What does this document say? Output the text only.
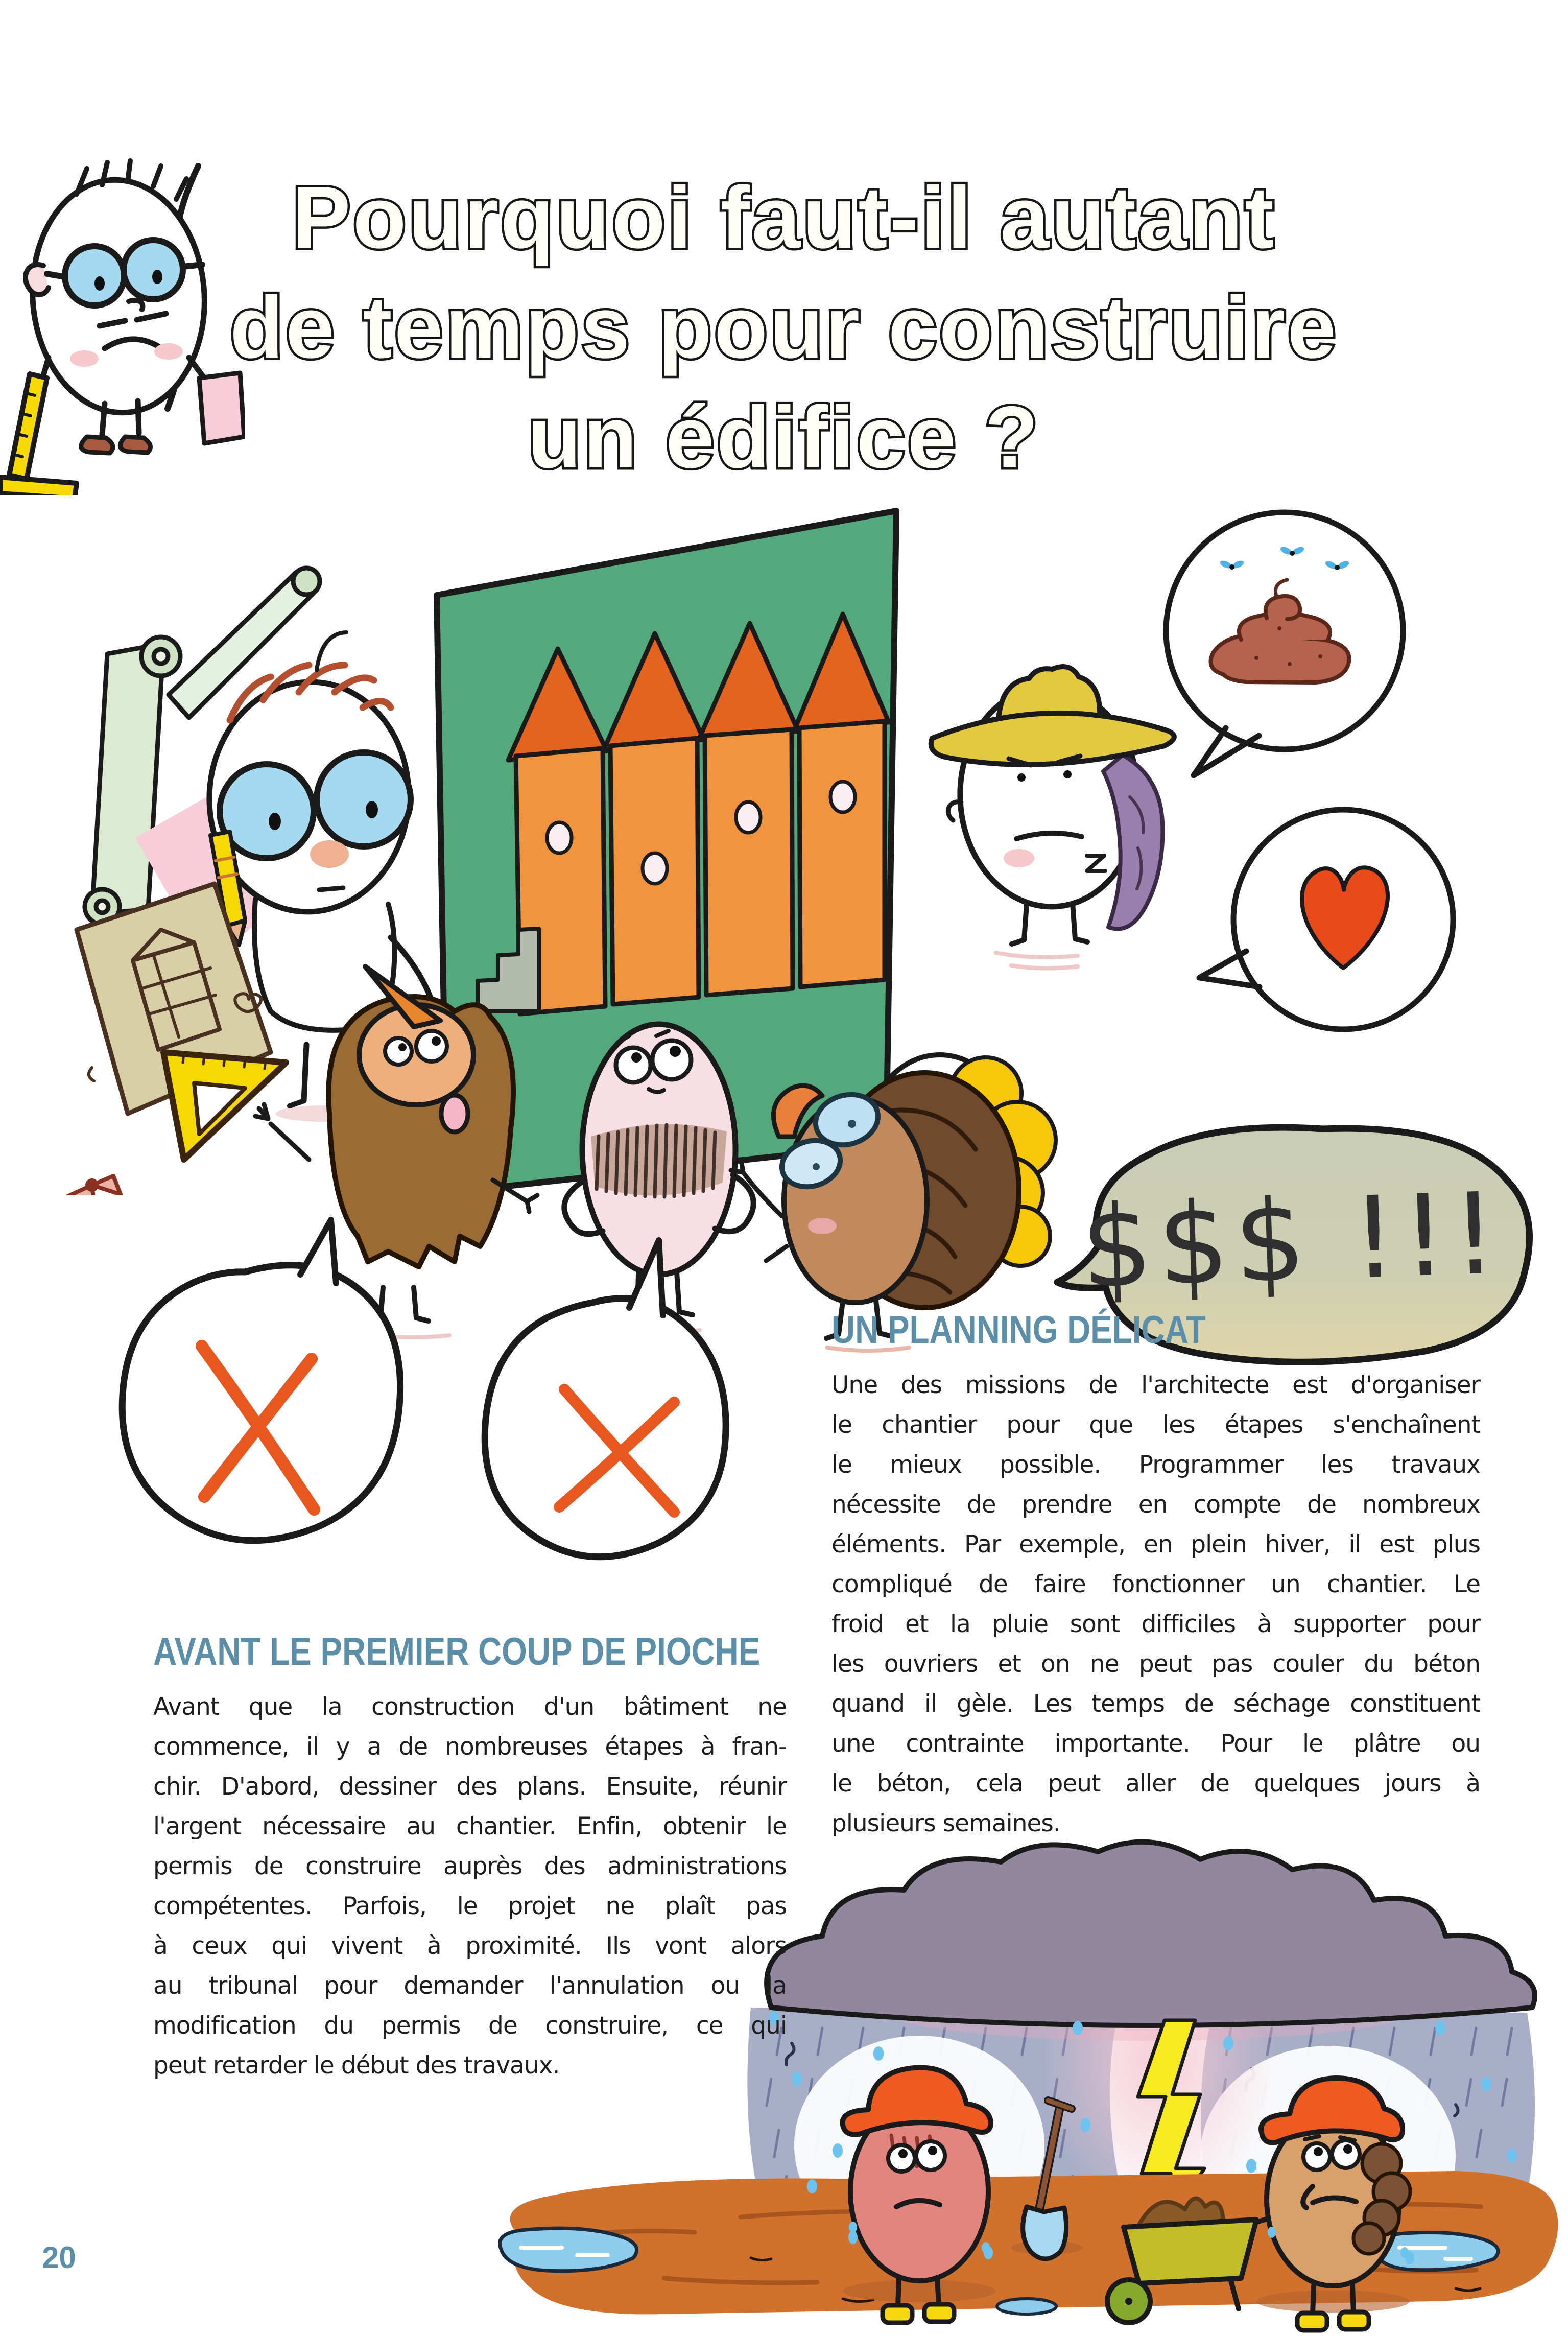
$$$ !!!
Pourquoi faut-il autant
de temps pour construire
un édifice ?
AVANT LE PREMIER COUP DE PIOCHE
Avant que la construction d'un bâtiment ne
commence, il y a de nombreuses étapes à fran-
chir. D'abord, dessiner des plans. Ensuite, réunir
l'argent nécessaire au chantier. Enfin, obtenir le
permis de construire auprès des administrations
compétentes. Parfois, le projet ne plaît pas
à ceux qui vivent à proximité. Ils vont alors
au tribunal pour demander l'annulation ou la
modification du permis de construire, ce qui
peut retarder le début des travaux.
UN PLANNING DÉLICAT
Une des missions de l'architecte est d'organiser
le chantier pour que les étapes s'enchaînent
le mieux possible. Programmer les travaux
nécessite de prendre en compte de nombreux
éléments. Par exemple, en plein hiver, il est plus
compliqué de faire fonctionner un chantier. Le
froid et la pluie sont difficiles à supporter pour
les ouvriers et on ne peut pas couler du béton
quand il gèle. Les temps de séchage constituent
une contrainte importante. Pour le plâtre ou
le béton, cela peut aller de quelques jours à
plusieurs semaines.
20
